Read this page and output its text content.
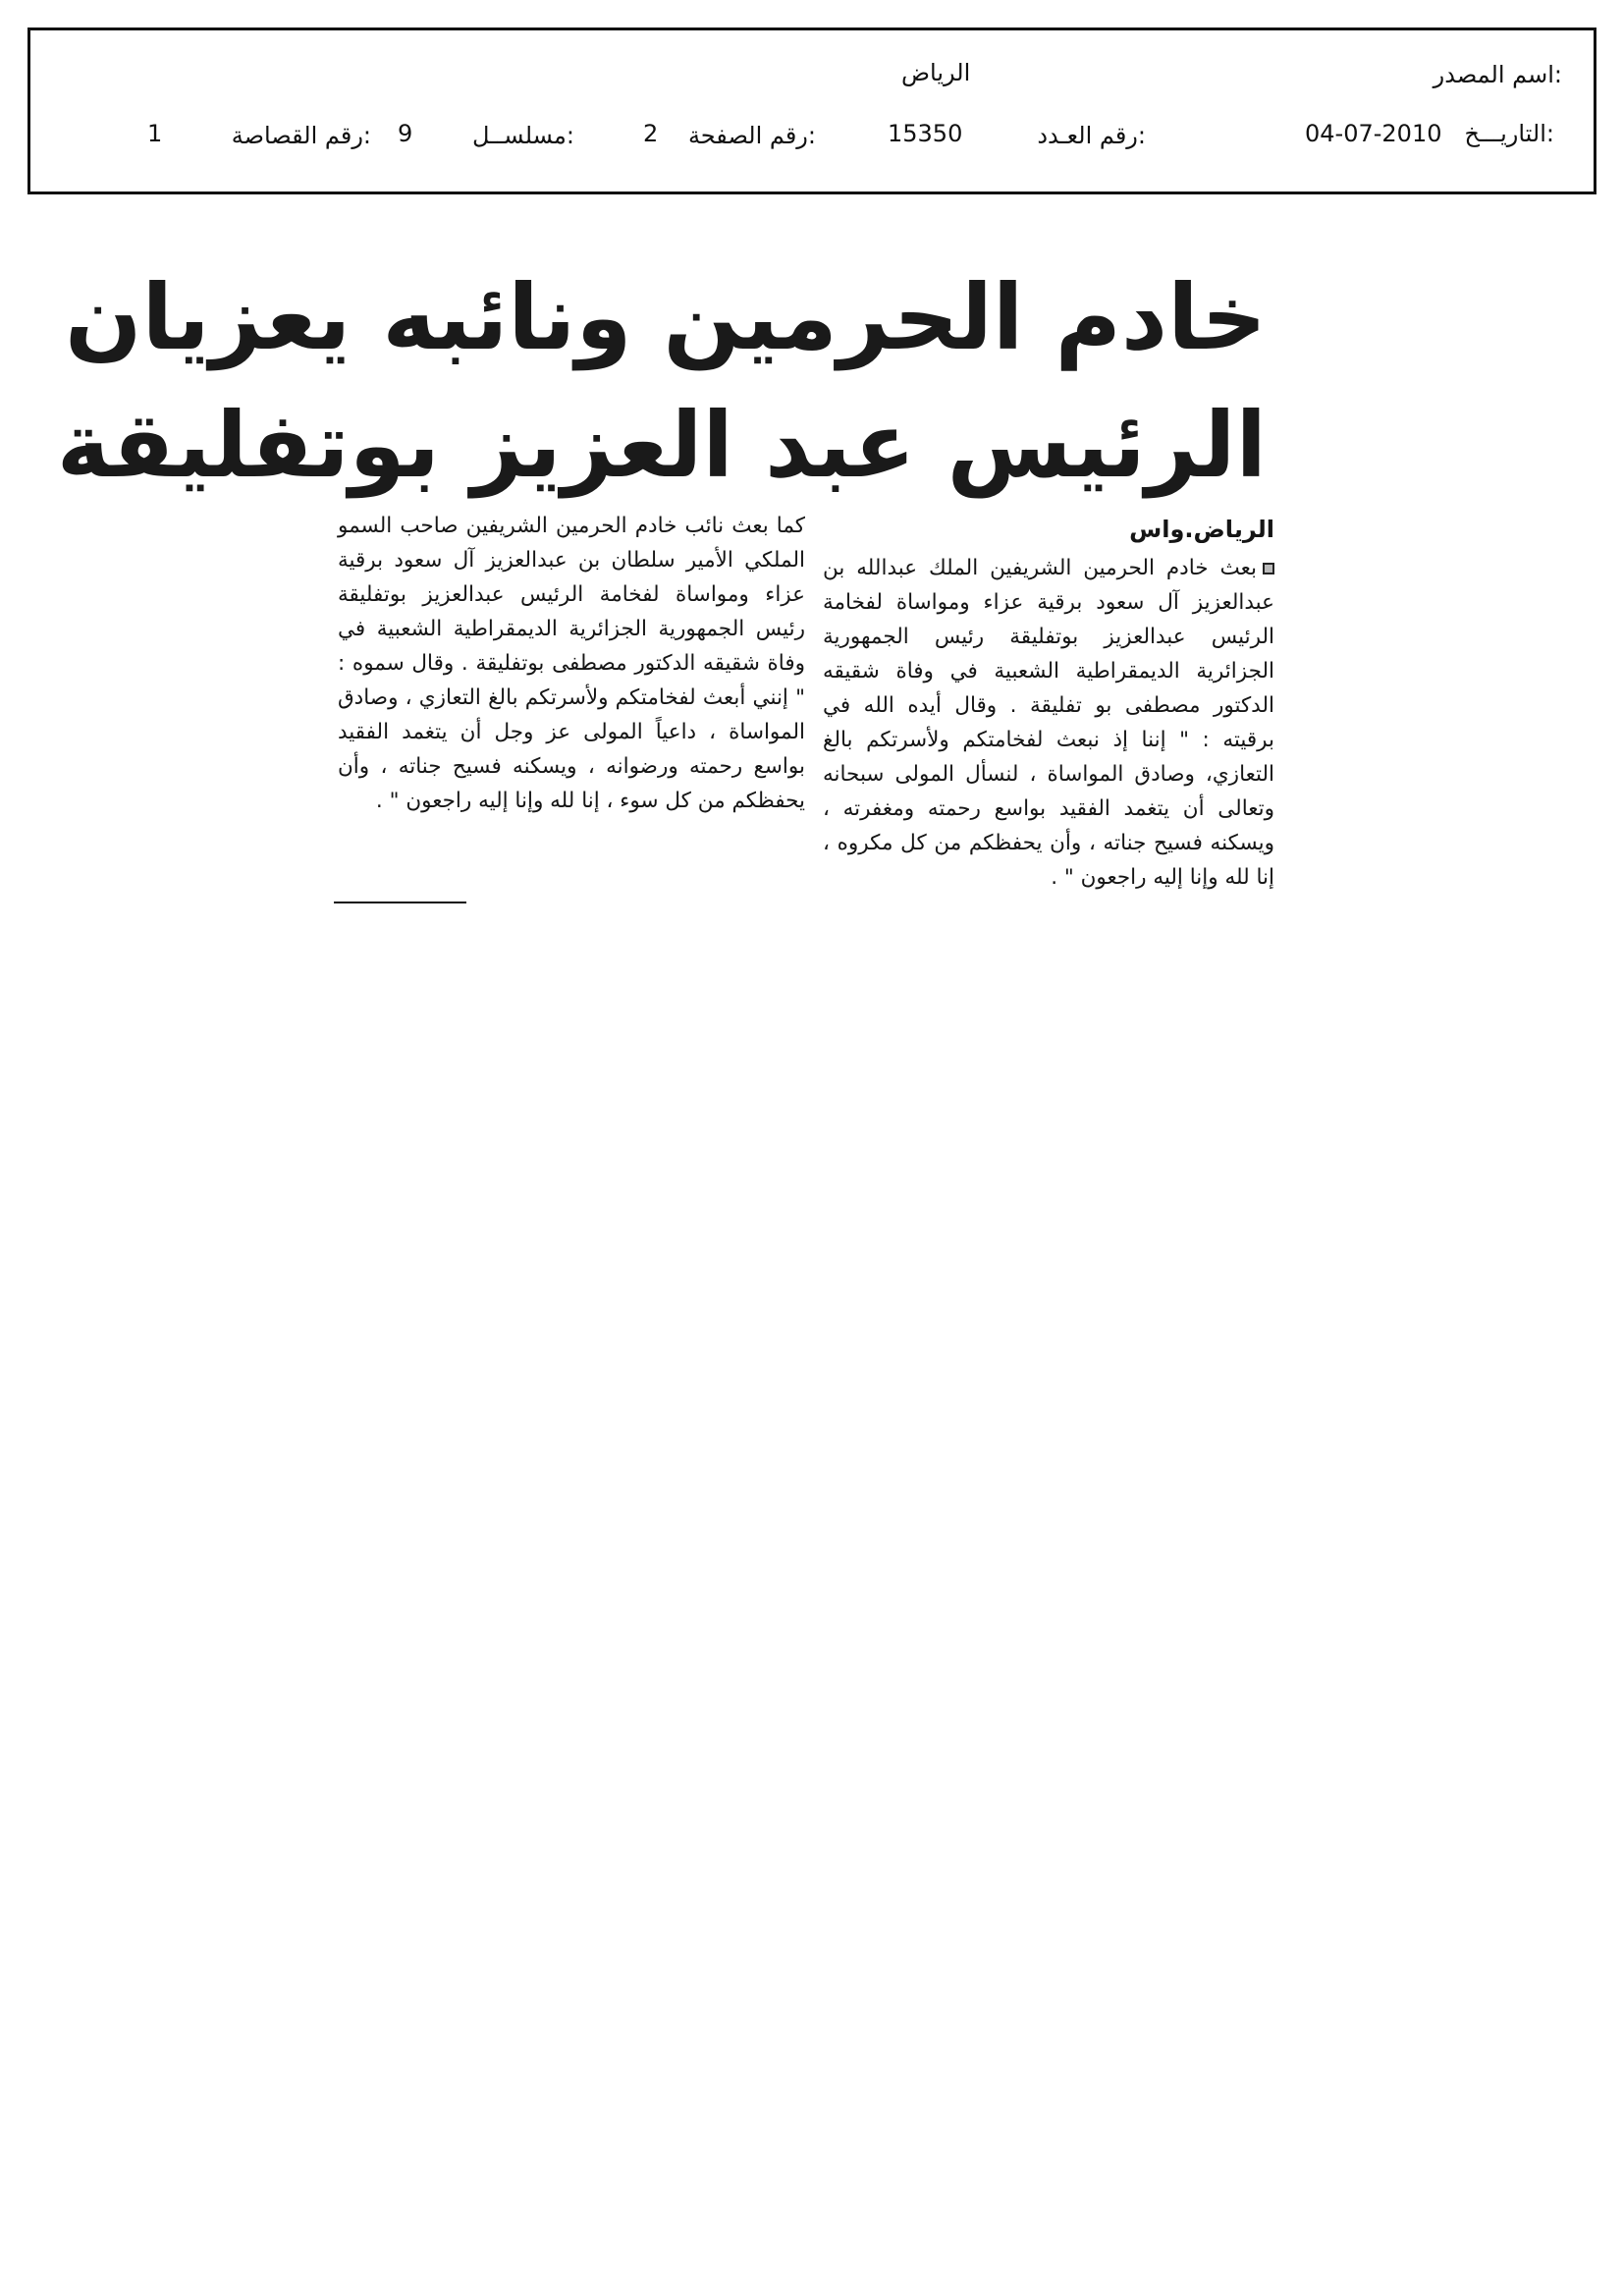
اسم المصدر:
الرياض
التاريـــخ:
04-07-2010
رقم العـدد:
15350
رقم الصفحة:
2
مسلســل:
9
رقم القصاصة:
1
خادم الحرمين ونائبه يعزيان
الرئيس عبد العزيز بوتفليقة
الرياض.واس
بعث خادم الحرمين الشريفين الملك عبدالله بن عبدالعزيز آل سعود برقية عزاء ومواساة لفخامة الرئيس عبدالعزيز بوتفليقة رئيس الجمهورية الجزائرية الديمقراطية الشعبية في وفاة شقيقه الدكتور مصطفى بو تفليقة . وقال أيده الله في برقيته : " إننا إذ نبعث لفخامتكم ولأسرتكم بالغ التعازي، وصادق المواساة ، لنسأل المولى سبحانه وتعالى أن يتغمد الفقيد بواسع رحمته ومغفرته ، ويسكنه فسيح جناته ، وأن يحفظكم من كل مكروه ، إنا لله وإنا إليه راجعون " .
كما بعث نائب خادم الحرمين الشريفين صاحب السمو الملكي الأمير سلطان بن عبدالعزيز آل سعود برقية عزاء ومواساة لفخامة الرئيس عبدالعزيز بوتفليقة رئيس الجمهورية الجزائرية الديمقراطية الشعبية في وفاة شقيقه الدكتور مصطفى بوتفليقة . وقال سموه : " إنني أبعث لفخامتكم ولأسرتكم بالغ التعازي ، وصادق المواساة ، داعياً المولى عز وجل أن يتغمد الفقيد بواسع رحمته ورضوانه ، ويسكنه فسيح جناته ، وأن يحفظكم من كل سوء ، إنا لله وإنا إليه راجعون " .
